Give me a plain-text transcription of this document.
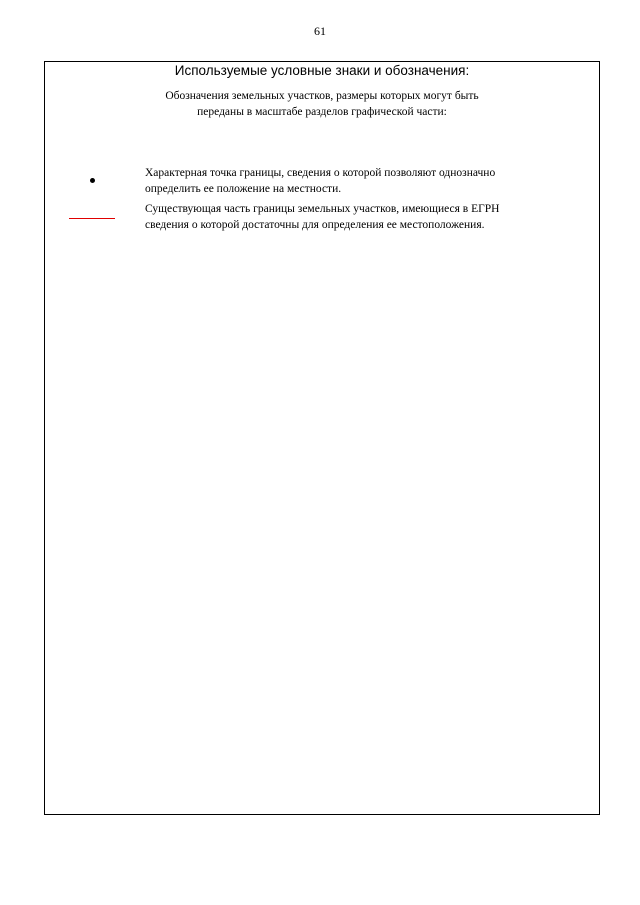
61
Используемые условные знаки и обозначения:
Обозначения земельных участков, размеры которых могут быть
переданы в масштабе разделов графической части:
Характерная точка границы, сведения о которой позволяют однозначно
определить ее положение на местности.
Существующая часть границы земельных участков, имеющиеся в ЕГРН
сведения о которой достаточны для определения ее местоположения.
